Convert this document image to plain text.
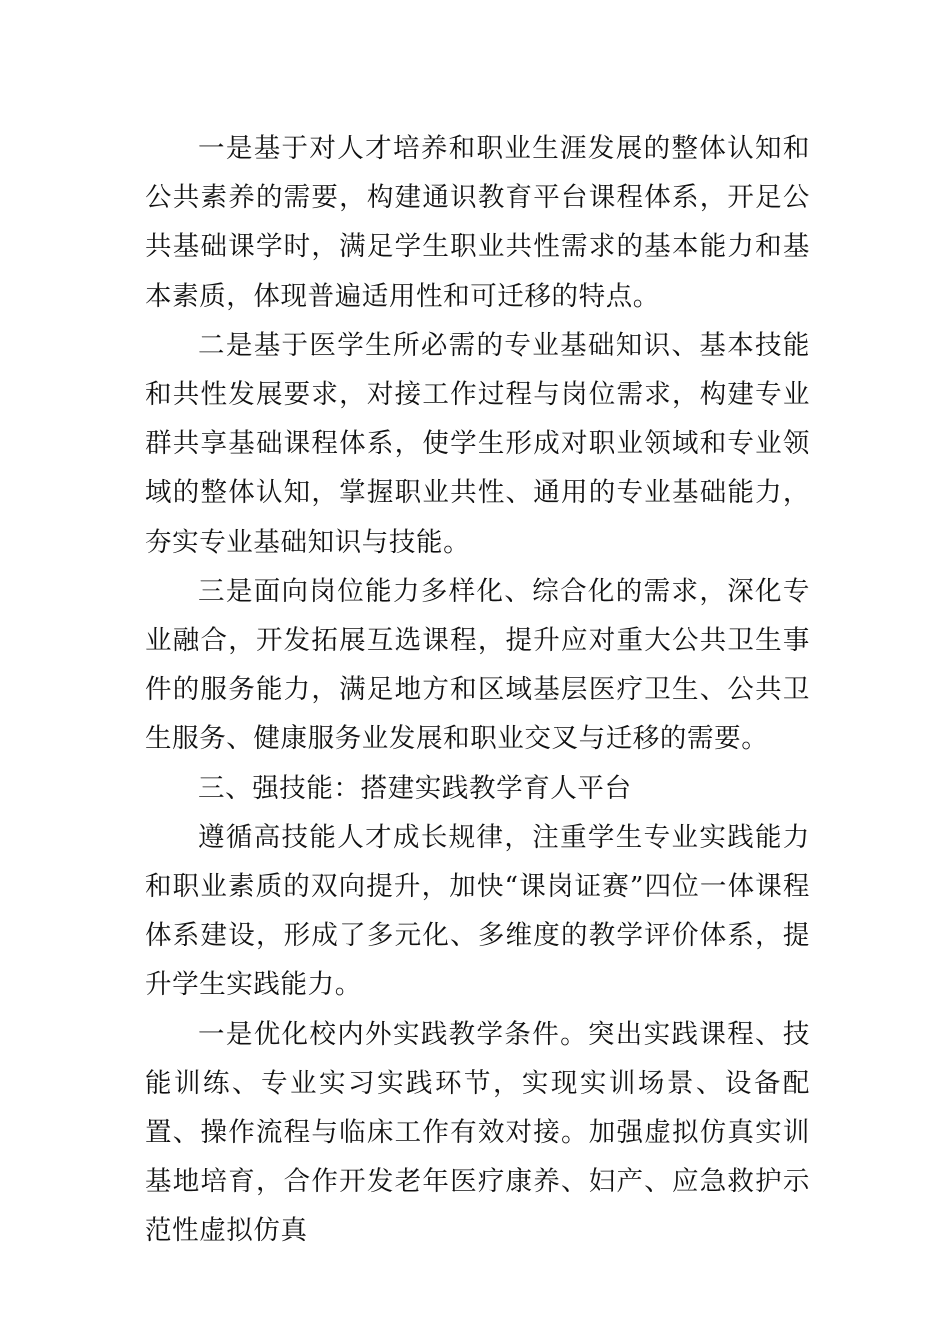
一是基于对人才培养和职业生涯发展的整体认知和公共素养的需要，构建通识教育平台课程体系，开足公共基础课学时，满足学生职业共性需求的基本能力和基本素质，体现普遍适用性和可迁移的特点。

二是基于医学生所必需的专业基础知识、基本技能和共性发展要求，对接工作过程与岗位需求，构建专业群共享基础课程体系，使学生形成对职业领域和专业领域的整体认知，掌握职业共性、通用的专业基础能力，夯实专业基础知识与技能。

三是面向岗位能力多样化、综合化的需求，深化专业融合，开发拓展互选课程，提升应对重大公共卫生事件的服务能力，满足地方和区域基层医疗卫生、公共卫生服务、健康服务业发展和职业交叉与迁移的需要。

三、强技能：搭建实践教学育人平台

遵循高技能人才成长规律，注重学生专业实践能力和职业素质的双向提升，加快“课岗证赛”四位一体课程体系建设，形成了多元化、多维度的教学评价体系，提升学生实践能力。

一是优化校内外实践教学条件。突出实践课程、技能训练、专业实习实践环节，实现实训场景、设备配置、操作流程与临床工作有效对接。加强虚拟仿真实训基地培育，合作开发老年医疗康养、妇产、应急救护示范性虚拟仿真
